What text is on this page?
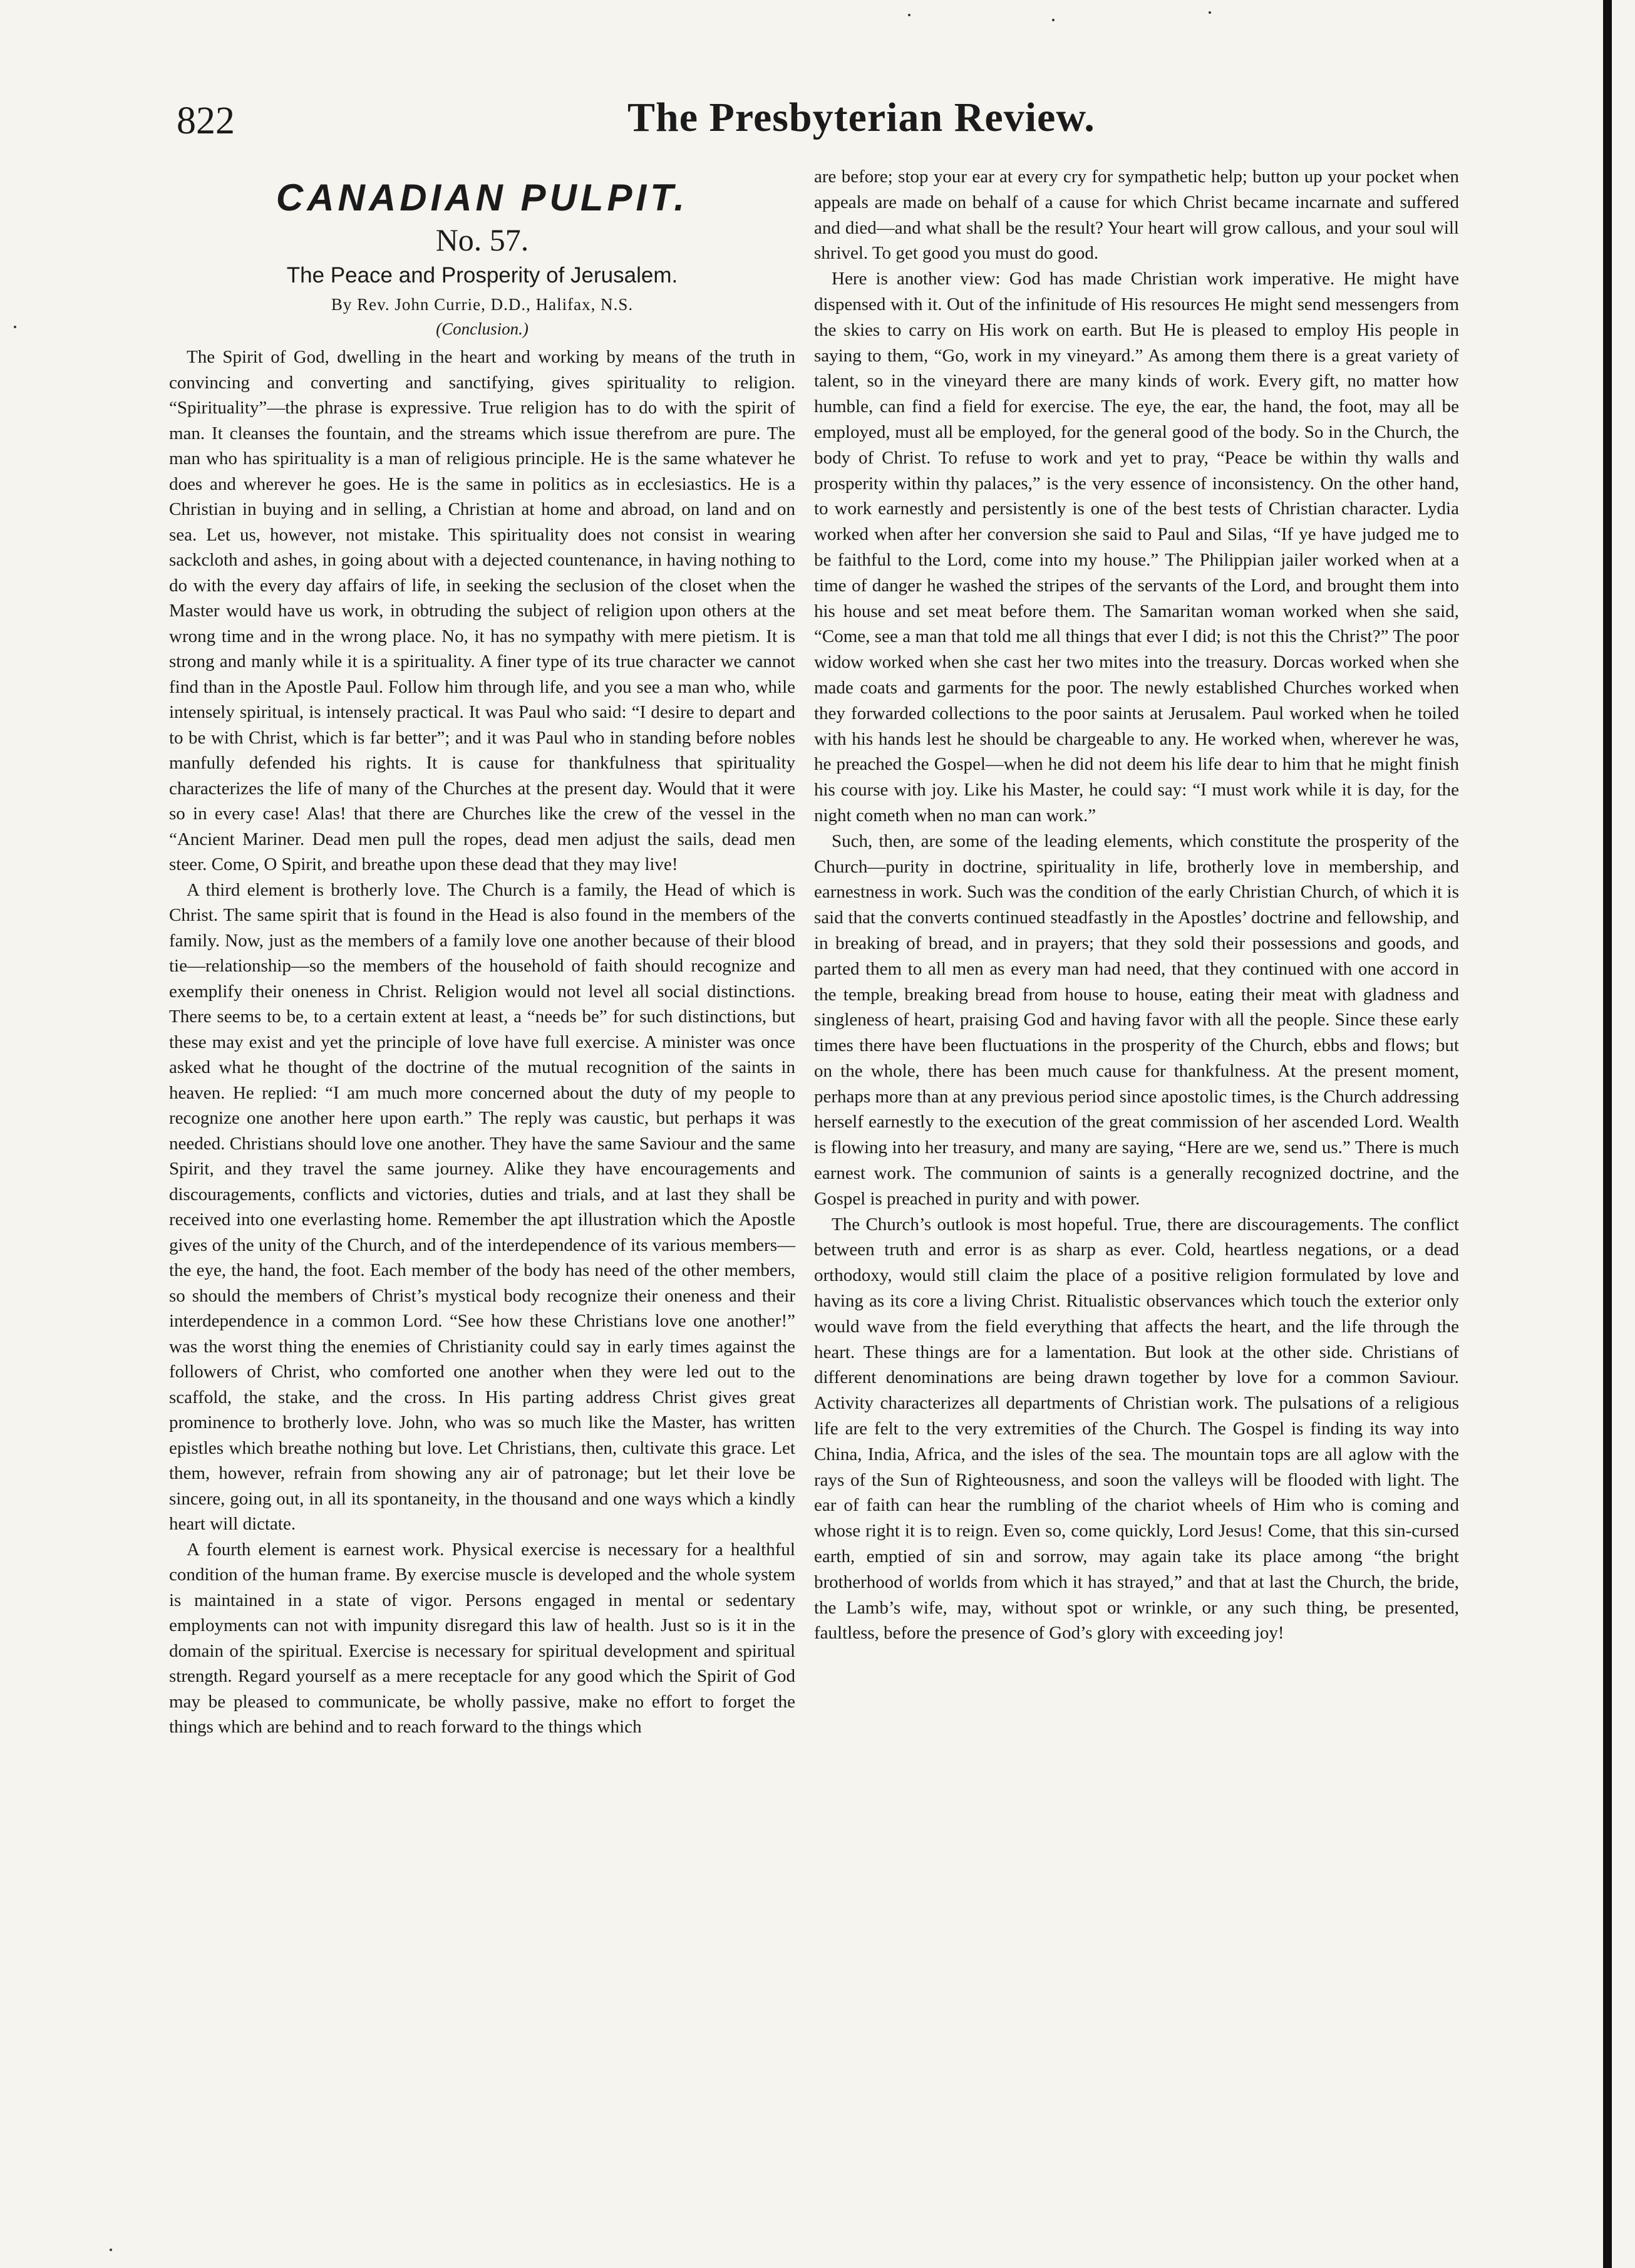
822	The Presbyterian Review.
CANADIAN PULPIT.
No. 57.
The Peace and Prosperity of Jerusalem.
By Rev. John Currie, D.D., Halifax, N.S.
(Conclusion.)

The Spirit of God, dwelling in the heart and working by means of the truth in convincing and converting and sanctifying, gives spirituality to religion. “Spirituality”—the phrase is expressive. True religion has to do with the spirit of man. It cleanses the fountain, and the streams which issue therefrom are pure. The man who has spirituality is a man of religious principle. He is the same whatever he does and wherever he goes. He is the same in politics as in ecclesiastics. He is a Christian in buying and in selling, a Christian at home and abroad, on land and on sea. Let us, however, not mistake. This spirituality does not consist in wearing sackcloth and ashes, in going about with a dejected countenance, in having nothing to do with the every day affairs of life, in seeking the seclusion of the closet when the Master would have us work, in obtruding the subject of religion upon others at the wrong time and in the wrong place. No, it has no sympathy with mere pietism. It is strong and manly while it is a spirituality. A finer type of its true character we cannot find than in the Apostle Paul. Follow him through life, and you see a man who, while intensely spiritual, is intensely practical. It was Paul who said: “I desire to depart and to be with Christ, which is far better”; and it was Paul who in standing before nobles manfully defended his rights. It is cause for thankfulness that spirituality characterizes the life of many of the Churches at the present day. Would that it were so in every case! Alas! that there are Churches like the crew of the vessel in the “Ancient Mariner. Dead men pull the ropes, dead men adjust the sails, dead men steer. Come, O Spirit, and breathe upon these dead that they may live!

A third element is brotherly love. The Church is a family, the Head of which is Christ. The same spirit that is found in the Head is also found in the members of the family. Now, just as the members of a family love one another because of their blood tie—relationship—so the members of the household of faith should recognize and exemplify their oneness in Christ. Religion would not level all social distinctions. There seems to be, to a certain extent at least, a “needs be” for such distinctions, but these may exist and yet the principle of love have full exercise. A minister was once asked what he thought of the doctrine of the mutual recognition of the saints in heaven. He replied: “I am much more concerned about the duty of my people to recognize one another here upon earth.” The reply was caustic, but perhaps it was needed. Christians should love one another. They have the same Saviour and the same Spirit, and they travel the same journey. Alike they have encouragements and discouragements, conflicts and victories, duties and trials, and at last they shall be received into one everlasting home. Remember the apt illustration which the Apostle gives of the unity of the Church, and of the interdependence of its various members—the eye, the hand, the foot. Each member of the body has need of the other members, so should the members of Christ’s mystical body recognize their oneness and their interdependence in a common Lord. “See how these Christians love one another!” was the worst thing the enemies of Christianity could say in early times against the followers of Christ, who comforted one another when they were led out to the scaffold, the stake, and the cross. In His parting address Christ gives great prominence to brotherly love. John, who was so much like the Master, has written epistles which breathe nothing but love. Let Christians, then, cultivate this grace. Let them, however, refrain from showing any air of patronage; but let their love be sincere, going out, in all its spontaneity, in the thousand and one ways which a kindly heart will dictate.

A fourth element is earnest work. Physical exercise is necessary for a healthful condition of the human frame. By exercise muscle is developed and the whole system is maintained in a state of vigor. Persons engaged in mental or sedentary employments can not with impunity disregard this law of health. Just so is it in the domain of the spiritual. Exercise is necessary for spiritual development and spiritual strength. Regard yourself as a mere receptacle for any good which the Spirit of God may be pleased to communicate, be wholly passive, make no effort to forget the things which are behind and to reach forward to the things which

are before; stop your ear at every cry for sympathetic help; button up your pocket when appeals are made on behalf of a cause for which Christ became incarnate and suffered and died—and what shall be the result? Your heart will grow callous, and your soul will shrivel. To get good you must do good.

Here is another view: God has made Christian work imperative. He might have dispensed with it. Out of the infinitude of His resources He might send messengers from the skies to carry on His work on earth. But He is pleased to employ His people in saying to them, “Go, work in my vineyard.” As among them there is a great variety of talent, so in the vineyard there are many kinds of work. Every gift, no matter how humble, can find a field for exercise. The eye, the ear, the hand, the foot, may all be employed, must all be employed, for the general good of the body. So in the Church, the body of Christ. To refuse to work and yet to pray, “Peace be within thy walls and prosperity within thy palaces,” is the very essence of inconsistency. On the other hand, to work earnestly and persistently is one of the best tests of Christian character. Lydia worked when after her conversion she said to Paul and Silas, “If ye have judged me to be faithful to the Lord, come into my house.” The Philippian jailer worked when at a time of danger he washed the stripes of the servants of the Lord, and brought them into his house and set meat before them. The Samaritan woman worked when she said, “Come, see a man that told me all things that ever I did; is not this the Christ?” The poor widow worked when she cast her two mites into the treasury. Dorcas worked when she made coats and garments for the poor. The newly established Churches worked when they forwarded collections to the poor saints at Jerusalem. Paul worked when he toiled with his hands lest he should be chargeable to any. He worked when, wherever he was, he preached the Gospel—when he did not deem his life dear to him that he might finish his course with joy. Like his Master, he could say: “I must work while it is day, for the night cometh when no man can work.”

Such, then, are some of the leading elements, which constitute the prosperity of the Church—purity in doctrine, spirituality in life, brotherly love in membership, and earnestness in work. Such was the condition of the early Christian Church, of which it is said that the converts continued steadfastly in the Apostles’ doctrine and fellowship, and in breaking of bread, and in prayers; that they sold their possessions and goods, and parted them to all men as every man had need, that they continued with one accord in the temple, breaking bread from house to house, eating their meat with gladness and singleness of heart, praising God and having favor with all the people. Since these early times there have been fluctuations in the prosperity of the Church, ebbs and flows; but on the whole, there has been much cause for thankfulness. At the present moment, perhaps more than at any previous period since apostolic times, is the Church addressing herself earnestly to the execution of the great commission of her ascended Lord. Wealth is flowing into her treasury, and many are saying, “Here are we, send us.” There is much earnest work. The communion of saints is a generally recognized doctrine, and the Gospel is preached in purity and with power.

The Church’s outlook is most hopeful. True, there are discouragements. The conflict between truth and error is as sharp as ever. Cold, heartless negations, or a dead orthodoxy, would still claim the place of a positive religion formulated by love and having as its core a living Christ. Ritualistic observances which touch the exterior only would wave from the field everything that affects the heart, and the life through the heart. These things are for a lamentation. But look at the other side. Christians of different denominations are being drawn together by love for a common Saviour. Activity characterizes all departments of Christian work. The pulsations of a religious life are felt to the very extremities of the Church. The Gospel is finding its way into China, India, Africa, and the isles of the sea. The mountain tops are all aglow with the rays of the Sun of Righteousness, and soon the valleys will be flooded with light. The ear of faith can hear the rumbling of the chariot wheels of Him who is coming and whose right it is to reign. Even so, come quickly, Lord Jesus! Come, that this sin-cursed earth, emptied of sin and sorrow, may again take its place among “the bright brotherhood of worlds from which it has strayed,” and that at last the Church, the bride, the Lamb’s wife, may, without spot or wrinkle, or any such thing, be presented, faultless, before the presence of God’s glory with exceeding joy!
